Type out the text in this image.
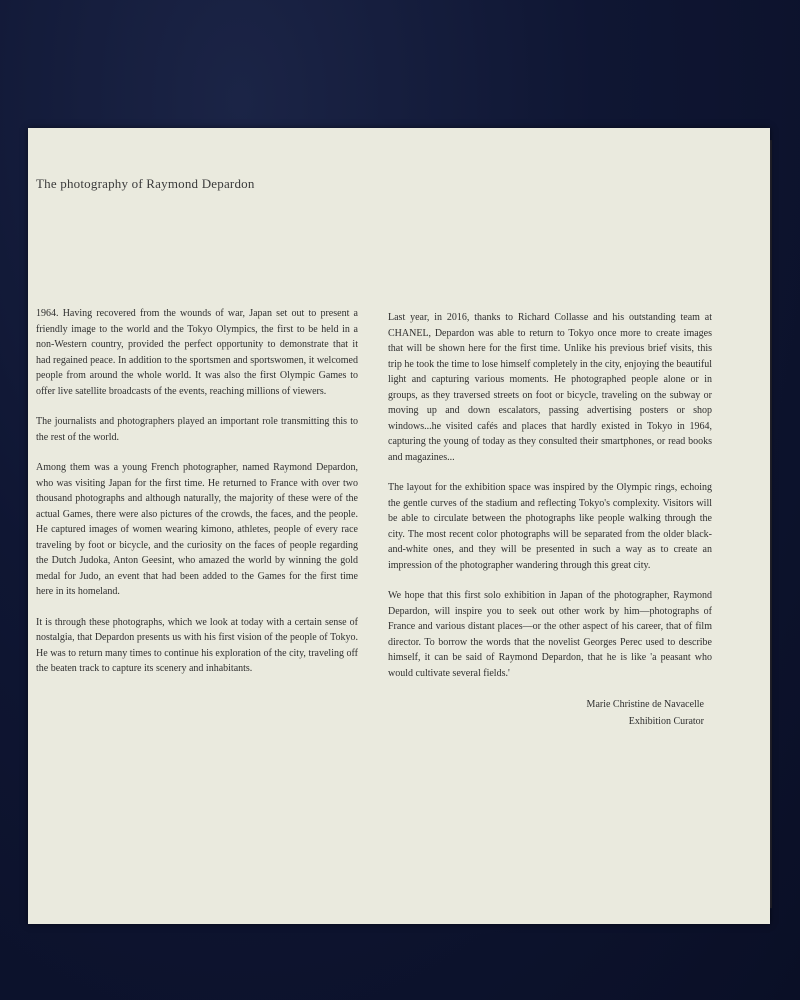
The photography of Raymond Depardon

1964. Having recovered from the wounds of war, Japan set out to present a friendly image to the world and the Tokyo Olympics, the first to be held in a non-Western country, provided the perfect opportunity to demonstrate that it had regained peace. In addition to the sportsmen and sportswomen, it welcomed people from around the whole world. It was also the first Olympic Games to offer live satellite broadcasts of the events, reaching millions of viewers.

The journalists and photographers played an important role transmitting this to the rest of the world.

Among them was a young French photographer, named Raymond Depardon, who was visiting Japan for the first time. He returned to France with over two thousand photographs and although naturally, the majority of these were of the actual Games, there were also pictures of the crowds, the faces, and the people. He captured images of women wearing kimono, athletes, people of every race traveling by foot or bicycle, and the curiosity on the faces of people regarding the Dutch Judoka, Anton Geesint, who amazed the world by winning the gold medal for Judo, an event that had been added to the Games for the first time here in its homeland.

It is through these photographs, which we look at today with a certain sense of nostalgia, that Depardon presents us with his first vision of the people of Tokyo. He was to return many times to continue his exploration of the city, traveling off the beaten track to capture its scenery and inhabitants.

Last year, in 2016, thanks to Richard Collasse and his outstanding team at CHANEL, Depardon was able to return to Tokyo once more to create images that will be shown here for the first time. Unlike his previous brief visits, this trip he took the time to lose himself completely in the city, enjoying the beautiful light and capturing various moments. He photographed people alone or in groups, as they traversed streets on foot or bicycle, traveling on the subway or moving up and down escalators, passing advertising posters or shop windows...he visited cafés and places that hardly existed in Tokyo in 1964, capturing the young of today as they consulted their smartphones, or read books and magazines...

The layout for the exhibition space was inspired by the Olympic rings, echoing the gentle curves of the stadium and reflecting Tokyo's complexity. Visitors will be able to circulate between the photographs like people walking through the city. The most recent color photographs will be separated from the older black-and-white ones, and they will be presented in such a way as to create an impression of the photographer wandering through this great city.

We hope that this first solo exhibition in Japan of the photographer, Raymond Depardon, will inspire you to seek out other work by him—photographs of France and various distant places—or the other aspect of his career, that of film director. To borrow the words that the novelist Georges Perec used to describe himself, it can be said of Raymond Depardon, that he is like 'a peasant who would cultivate several fields.'

Marie Christine de Navacelle
Exhibition Curator
